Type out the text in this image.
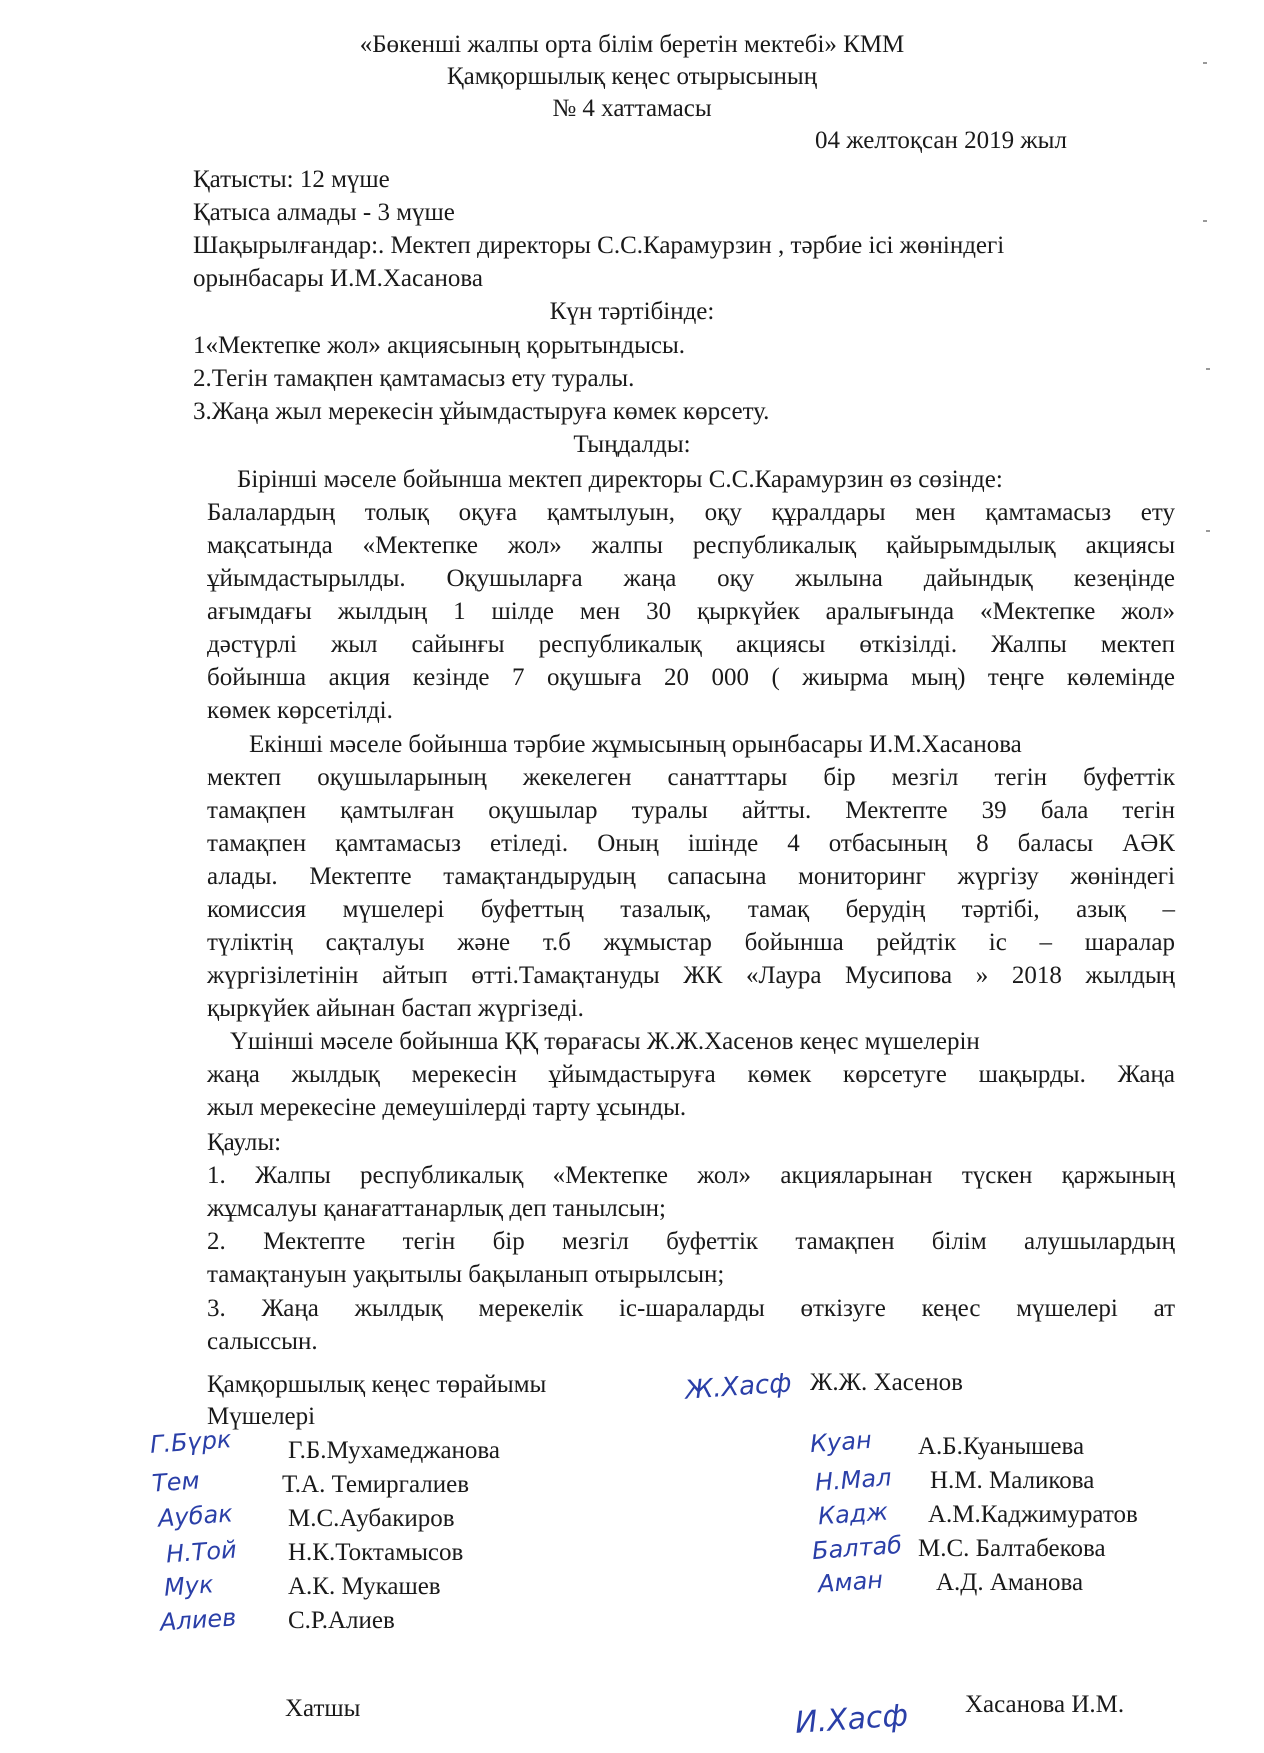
«Бөкенші жалпы орта білім беретін мектебі» КММ
Қамқоршылық кеңес отырысының
№ 4 хаттамасы
04 желтоқсан 2019 жыл
Қатысты: 12 мүше
Қатыса алмады - 3 мүше
Шақырылғандар:. Мектеп директоры С.С.Карамурзин , тәрбие ісі жөніндегі
орынбасары И.М.Хасанова
Күн тәртібінде:
1«Мектепке жол» акциясының қорытындысы.
2.Тегін тамақпен қамтамасыз ету туралы.
3.Жаңа жыл мерекесін ұйымдастыруға көмек көрсету.
Тыңдалды:
Бірінші мәселе бойынша мектеп директоры С.С.Карамурзин өз сөзінде:
Балалардың толық оқуға қамтылуын, оқу құралдары мен қамтамасыз ету
мақсатында «Мектепке жол» жалпы республикалық қайырымдылық акциясы
ұйымдастырылды. Оқушыларға жаңа оқу жылына дайындық кезеңінде
ағымдағы жылдың 1 шілде мен 30 қыркүйек аралығында «Мектепке жол»
дәстүрлі жыл сайынғы республикалық акциясы өткізілді. Жалпы мектеп
бойынша акция кезінде 7 оқушыға 20 000 ( жиырма мың) теңге көлемінде
көмек көрсетілді.
Екінші мәселе бойынша тәрбие жұмысының орынбасары И.М.Хасанова
мектеп оқушыларының жекелеген санатттары бір мезгіл тегін буфеттік
тамақпен қамтылған оқушылар туралы айтты. Мектепте 39 бала тегін
тамақпен қамтамасыз етіледі. Оның ішінде 4 отбасының 8 баласы АӘК
алады. Мектепте тамақтандырудың сапасына мониторинг жүргізу жөніндегі
комиссия мүшелері буфеттың тазалық, тамақ берудің тәртібі, азық –
түліктің сақталуы және т.б жұмыстар бойынша рейдтік іс – шаралар
жүргізілетінін айтып өтті.Тамақтануды ЖК «Лаура Мусипова » 2018 жылдың
қыркүйек айынан бастап жүргізеді.
Үшінші мәселе бойынша ҚҚ төрағасы Ж.Ж.Хасенов кеңес мүшелерін
жаңа жылдық мерекесін ұйымдастыруға көмек көрсетуге шақырды. Жаңа
жыл мерекесіне демеушілерді тарту ұсынды.
Қаулы:
1. Жалпы республикалық «Мектепке жол» акцияларынан түскен қаржының
жұмсалуы қанағаттанарлық деп танылсын;
2. Мектепте тегін бір мезгіл буфеттік тамақпен білім алушылардың
тамақтануын уақытылы бақыланып отырылсын;
3. Жаңа жылдық мерекелік іс-шараларды өткізуге кеңес мүшелері ат
салыссын.
Қамқоршылық кеңес төрайымы	Ж.Хасф Ж.Ж. Хасенов
Мүшелері
Г.Бүрк Г.Б.Мухамеджанова
Тем	Т.А. Темиргалиев
Аубак М.С.Аубакиров
Н.Той Н.К.Токтамысов
Мук	А.К. Мукашев
Алиев С.Р.Алиев
Куан А.Б.Куанышева
Н.Мал Н.М. Маликова
Кадж А.М.Каджимуратов
Балтаб М.С. Балтабекова
Аман А.Д. Аманова
Хатшы	И.Хасф Хасанова И.М.
